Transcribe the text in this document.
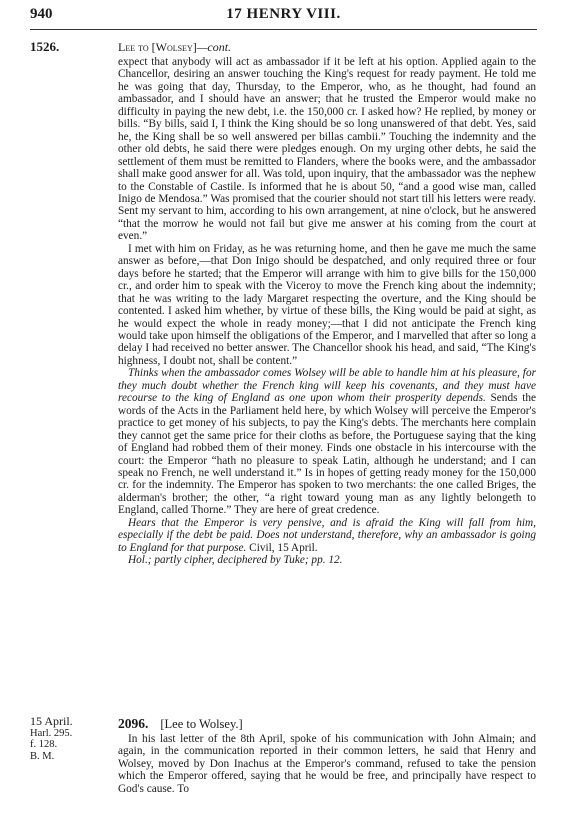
940	17 HENRY VIII.
1526.	Lee to [Wolsey]—cont.

expect that anybody will act as ambassador if it be left at his option. Applied again to the Chancellor, desiring an answer touching the King's request for ready payment. He told me he was going that day, Thursday, to the Emperor, who, as he thought, had found an ambassador, and I should have an answer; that he trusted the Emperor would make no difficulty in paying the new debt, i.e. the 150,000 cr. I asked how? He replied, by money or bills. “By bills, said I, I think the King should be so long unanswered of that debt. Yes, said he, the King shall be so well answered per billas cambii.” Touching the indemnity and the other old debts, he said there were pledges enough. On my urging other debts, he said the settlement of them must be remitted to Flanders, where the books were, and the ambassador shall make good answer for all. Was told, upon inquiry, that the ambassador was the nephew to the Constable of Castile. Is informed that he is about 50, “and a good wise man, called Inigo de Mendosa.” Was promised that the courier should not start till his letters were ready. Sent my servant to him, according to his own arrangement, at nine o'clock, but he answered “that the morrow he would not fail but give me answer at his coming from the court at even.”

I met with him on Friday, as he was returning home, and then he gave me much the same answer as before,—that Don Inigo should be despatched, and only required three or four days before he started; that the Emperor will arrange with him to give bills for the 150,000 cr., and order him to speak with the Viceroy to move the French king about the indemnity; that he was writing to the lady Margaret respecting the overture, and the King should be contented. I asked him whether, by virtue of these bills, the King would be paid at sight, as he would expect the whole in ready money;—that I did not anticipate the French king would take upon himself the obligations of the Emperor, and I marvelled that after so long a delay I had received no better answer. The Chancellor shook his head, and said, “The King's highness, I doubt not, shall be content.”

Thinks when the ambassador comes Wolsey will be able to handle him at his pleasure, for they much doubt whether the French king will keep his covenants, and they must have recourse to the king of England as one upon whom their prosperity depends. Sends the words of the Acts in the Parliament held here, by which Wolsey will perceive the Emperor's practice to get money of his subjects, to pay the King's debts. The merchants here complain they cannot get the same price for their cloths as before, the Portuguese saying that the king of England had robbed them of their money. Finds one obstacle in his intercourse with the court: the Emperor “hath no pleasure to speak Latin, although he understand; and I can speak no French, ne well understand it.” Is in hopes of getting ready money for the 150,000 cr. for the indemnity. The Emperor has spoken to two merchants: the one called Briges, the alderman's brother; the other, “a right toward young man as any lightly belongeth to England, called Thorne.” They are here of great credence.

Hears that the Emperor is very pensive, and is afraid the King will fall from him, especially if the debt be paid. Does not understand, therefore, why an ambassador is going to England for that purpose. Civil, 15 April.

Hol.; partly cipher, deciphered by Tuke; pp. 12.

15 April.
Harl. 295.
f. 128.
B. M.
2096. [Lee to Wolsey.]

In his last letter of the 8th April, spoke of his communication with John Almain; and again, in the communication reported in their common letters, he said that Henry and Wolsey, moved by Don Inachus at the Emperor's command, refused to take the pension which the Emperor offered, saying that he would be free, and principally have respect to God's cause. To
